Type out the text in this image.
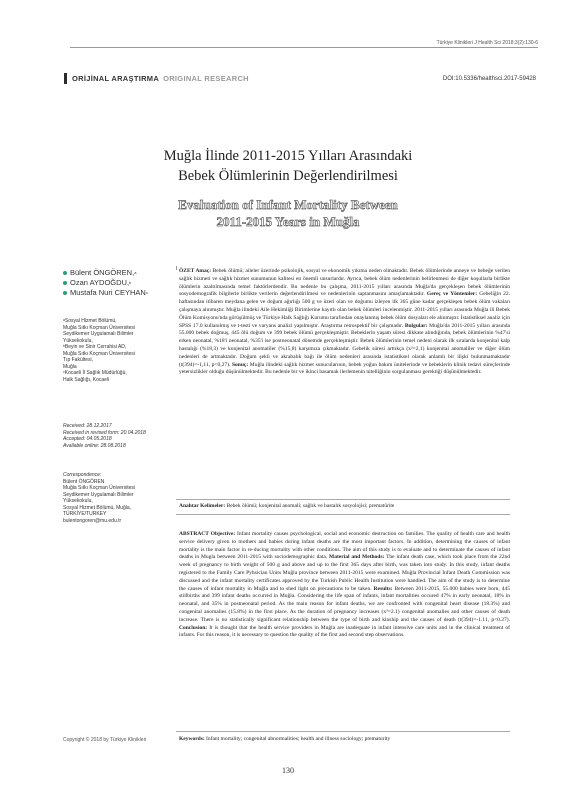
Türkiye Klinikleri J Health Sci 2018;3(2):130-6
ORİJİNAL ARAŞTIRMA ORIGINAL RESEARCH	DOI:10.5336/healthsci.2017-59428
Muğla İlinde 2011-2015 Yılları Arasındaki
Bebek Ölümlerinin Değerlendirilmesi
Evaluation of Infant Mortality Between
2011-2015 Years in Muğla
Bülent ÖNGÖREN, a
Ozan AYDOĞDU, b
Mustafa Nuri CEYHAN c
ᵃSosyal Hizmet Bölümü,
Muğla Sıtkı Koçman Üniversitesi
Seydikemer Uygulamalı Bilimler
Yüksekokulu,
ᵇBeyin ve Sinir Cerrahisi AD,
Muğla Sıtkı Koçman Üniversitesi
Tıp Fakültesi,
Muğla
ᶜKocaeli İl Sağlık Müdürlüğü,
Halk Sağlığı, Kocaeli
Received: 28.12.2017
Received in revised form: 20.04.2018
Accepted: 04.05.2018
Available online: 28.08.2018
Correspondence:
Bülent ÖNGÖREN
Muğla Sıtkı Koçman Üniversitesi
Seydikemer Uygulamalı Bilimler
Yüksekokulu,
Sosyal Hizmet Bölümü, Muğla,
TÜRKİYE/TURKEY
bulentongoren@mu.edu.tr

ÖZET Amaç: Bebek ölümü; aileler üzerinde psikolojik, sosyal ve ekonomik yıkıma neden olmaktadır. Bebek ölümlerinde anneye ve bebeğe verilen sağlık hizmeti ve sağlık hizmet sunumunun kalitesi en önemli unsurlardır. Ayrıca, bebek ölüm nedenlerinin belirlenmesi de diğer koşullarla birlikte ölümlerin azaltılmasında temel faktörlerdendir. Bu nedenle bu çalışma, 2011-2015 yılları arasında Muğla'da gerçekleşen bebek ölümlerinin sosyodemografik bilgilerle birlikte verilerin değerlendirilmesi ve nedenlerinin saptanmasını amaçlamaktadır. Gereç ve Yöntemler: Gebeliğin 22. haftasından itibaren meydana gelen ve doğum ağırlığı 500 g ve üzeri olan ve doğumu izleyen ilk 365 güne kadar gerçekleşen bebek ölüm vakaları çalışmaya alınmıştır. Muğla ilindeki Aile Hekimliği Birimlerine kayıtlı olan bebek ölümleri incelenmiştir. 2011-2015 yılları arasında Muğla ili Bebek Ölüm Komisyonu'nda görüşülmüş ve Türkiye Halk Sağlığı Kurumu tarafından onaylanmış bebek ölüm dosyaları ele alınmıştır. İstatistiksel analiz için SPSS 17.0 kullanılmış ve t-testi ve varyans analizi yapılmıştır. Araştırma retrospektif bir çalışmadır. Bulgular: Muğla'da 2011-2015 yılları arasında 55.000 bebek doğmuş, 445 ölü doğum ve 399 bebek ölümü gerçekleşmiştir. Bebeklerin yaşam süresi dikkate alındığında, bebek ölümlerinin %47'si erken neonatal, %18'i neonatal, %35'i ise postneonatal dönemde gerçekleşmiştir. Bebek ölümlerinin temel nedeni olarak ilk sıralarda konjenital kalp hastalığı (%18,3) ve konjenital anomaliler (%15,8) karşımıza çıkmaktadır. Gebelik süresi arttıkça (x²=2,1) konjenital anomaliler ve diğer ölüm nedenleri de artmaktadır. Doğum şekli ve akrabalık bağı ile ölüm nedenleri arasında istatistiksel olarak anlamlı bir ilişki bulunmamaktadır (t(394)=-1,11, p<0,27). Sonuç: Muğla ilindeki sağlık hizmet sunucularının, bebek yoğun bakım ünitelerinde ve bebeklerin klinik tedavi süreçlerinde yetersizlikler olduğu düşünülmektedir. Bu nedenle bir ve ikinci basamak ilerlemenin nitelliğinin sorgulanması gerektiği düşünülmektedir.

Anahtar Kelimeler: Bebek ölümü; konjenital anomali; sağlık ve hastalık sosyolojisi; prematürite

ABSTRACT Objective: Infant mortality causes psychological, social and economic destruction on families. The quality of health care and health service delivery given to mothers and babies during infant deaths are the most important factors. In addition, determining the causes of infant mortality is the main factor in re-ducing mortality with other conditions. The aim of this study is to evaluate and to determinate the causes of infant deaths in Mugla between 2011-2015 with sociodemographic data. Material and Methods: The infant death case, which took place from the 22nd week of pregnancy to birth weight of 500 g and above and up to the first 365 days after birth, was taken into study. In this study, infant deaths registered to the Family Care Pyhsician Units Muğla province between 2011-2015 were examined. Muğla Provincial Infant Death Commission was discussed and the infant mortality certificates approved by the Turkish Public Health Institution were handled. The aim of the study is to determine the causes of infant mortality in Muğla and to shed light on precautions to be taken. Results: Between 2011-2015, 55.000 babies were born, 445 stillbirths and 399 infant deaths occurred in Muğla. Considering the life span of infants, infant mortalities occured 47% in early neonatal, 18% in neonatal, and 35% in postneonatal period. As the main reason for infant deaths, we are confronted with congenital heart disease (18.3%) and congenital anomalies (15.8%) in the first place. As the duration of pregnancy increases (x²=2.1) congenital anomalies and other causes of death increase. There is no statistically significant relationship between the type of birth and kinship and the causes of death (t(394)=-1.11, p<0.27). Conclusion: It is thought that the health service providers in Muğla are inadequate in infant intensive care units and in the clinical treatment of infants. For this reason, it is necessary to question the quality of the first and second step observations.

Keywords: Infant mortality; congenital abnormalities; health and illness sociology; prematurity
Copyright © 2018 by Türkiye Klinikleri
130
